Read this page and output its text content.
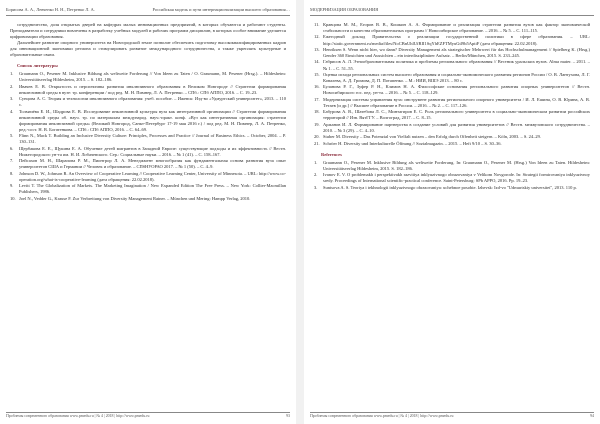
Борисова А. А., Левченко Н. Н., Петренко Л. А.	Российская модель и пути интернационализации высшего образования…

сотрудничество, доля открытых дверей на кафедрах малых инновационных предприятий, в которых обучаются и работают студенты. Преподаватели и сотрудники вовлечены в разработку учебных модулей и рабочих программ дисциплин, в которых особое внимание уделяется цифровизации образования.

Дальнейшее развитие опорного университета на Новгородской земле позволит обеспечить подготовку высококвалифицированных кадров для инновационной экономики региона и стимулировать развитие международного сотрудничества, а также укреплять культурные и образовательные связи.

Список литературы
1. Graumann O., Pesener M. Inklusive Bildung als weltweite Forderung // Von Ideen zu Taten / O. Graumann, M. Pesener (Hrsg.). – Hildesheim: Universitätsverlag Hildesheim, 2015. – S. 182–186.
2. Ивачев Е. В. Открытость и перспективы развития инклюзивного образования в Великом Новгороде // Стратегии формирования инклюзивной среды в вузе: тр. конференции / под ред. М. Н. Пимнер, Л. А. Петренко. – СПб.: СПб АППО, 2016. – С. 19–23.
3. Сунцова А. С. Теория и технологии инклюзивного образования: учеб. пособие. – Ижевск: Изд-во «Удмуртский университет», 2013. – 110 с.
4. Толмачёва Е. И., Шадрова Е. В. Исследование инклюзивной культуры вуза как интегративной организации // Стратегии формирования инклюзивной среды об. науч. тр. по материалам международ. науч.-практ. конф. «Вуз как интегративная организация: стратегии формирования инклюзивной среды» (Великий Новгород, Санкт-Петербург 17-19 мая 2016 г.) / под ред. М. Н. Пимнер, Л. А. Петренко, ред.-сост. Н. В. Богатенкова. – СПб.: СПб АППО, 2016. – С. 64–69.
5. Flinn N., Mack T. Building an Inclusive Diversity Culture: Principles, Processes and Practice // Journal of Business Ethics. – October, 2004. – P. 130–131.
6. Щербакова Е. Е., Щукина Е. А. Обучение детей мигрантов в Западной Европе: существующие подходы и их эффективность // Вестн. Нижегородского ун-та им. Н. И. Лобачевского. Сер.: Социальные науки. – 2016. – № 1 (41). – С. 158–167.
7. Пейсахов М. Н., Шарапова Р. М., Пионтрор Л. А. Менеджмент многообразия как фундаментальная основа развития вуза опыт университетов США и Германии // Человек и образование. – СПбНУОРАО 2017. – № 1 (50). – С. 4–9.
8. Johnson D. W., Johnson R. An Overview of Cooperative Learning // Cooperative Learning Center, University of Minnesota. – URL: http://www.co-operation.org/what-is-cooperative-learning (дата обращения: 22.02.2018).
9. Levitt T. The Globalization of Markets. The Marketing Imagination / New Expanded Edition The Free Press. – New York: Collier-Macmillan Publishers, 1986.
10. Joel N., Vedder G., Krause F. Zur Verbreitung von Diversity Management Rainer. – München und Mering: Hampp Verlag, 2010.
Проблемы современного образования www.pmedu.ru | № 4 | 2018 | http://www.pmedu.ru	93
МОДЕРНИЗАЦИЯ ОБРАЗОВАНИЯ
11. Кравцова М. М., Егоров В. В., Кошкин А. А. Формирование и реализация стратегии развития вузов как фактор экономической стабильности и качества образовательных программ // Новосибирское образование. – 2016. – № 5. – С. 111–115.
12. Ежегодный доклад Правительства о реализации государственной политики в сфере образования. – URL: http://static.government.ru/media/files/NoCBnUhlUfRII1SqYhEZFTMyuGtl9b5AptiF (дата обращения: 22.02.2018).
13. Henriksen S. Wenn nicht hier, wo dann? Diversity Management als strategischer Mehrwert für das Hochschulmanagement // Spielberg K. (Hrsg.) Gender 360 Einsichten und Aussichten – ein interdisziplinärer Aufsatz. – Berlin/München, 2015. S. 233–245.
14. Габрисов А. Л. Этнообразовательная политика и проблемы регионального образования // Вестник уральских вузов. Alma mater. – 2011. – № 1. – С. 51–55.
15. Оценка исхода региональных систем высшего образования и социально-экономического развития регионов России / О. В. Лантухова, Л. Г. Ковалева, А. Д. Громова, Д. П. Потапенко. – М.: НИИ, ВШЭ 2013. – 80 с.
16. Буланова Р. Г., Зуфер Р. Н., Климов Н. А. Философские основания регионального развития опорных университетов // Вестн. Новосибирского гос. пед. ун-та. – 2016. – № 5. – С. 118–129.
17. Модернизация системы управления вуза: инструмент развития регионального опорного университета / И. Л. Ешина, О. В. Юрина, А. В. Тетаев [и др.] // Высшее образование в России. – 2016. – № 2. – С. 117–126.
18. Бабурова А. В., Шатебова Л. С., Минтагиров Е. С. Роль регионального университета в социально-экономическом развитии российских территорий // Изв. ВятГГУ. – Волгоград, 2017. – С. 8–15.
19. Аржанов И. Л. Формирование партнерства в создание условий для развития университетов // Вестн. межвузовского сотрудничества. – 2010. – № 3 (29). – С. 4–10.
20. Stuber M. Diversity – Das Potenzial von Vielfalt nutzen – den Erfolg durch Offenheit steigern. – Köln, 2003. – S. 24–29.
21. Schröer H. Diversity und Interkulturelle Öffnung // Sozialmagazin. – 2015. – Heft 9/10 – S. 30–36.
References
1. Graumann O., Pesener M. Inklusive Bildung als weltweite Forderung. In: Graumann O., Pesener M. (Hrsg.) Von Ideen zu Taten. Hildesheim: Universitätsverlag Hildesheim, 2015. S. 182–186.
2. Ivanov E. V. O problemakh i perspektivakh razvitiya inklyuzivnogo obrazovaniya v Velikom Novgorode. In: Strategii formirovaniya inklyuzivnoy sredy. Proceedings of International scientific-practical conference. Saint-Petersburg: SPb APPO, 2016. Pp. 19–23.
3. Suntsova A. S. Teoriya i tekhnologii inklyuzivnogo obrazovaniya: uchebnoe posobie. Izhevsk: Izd-vo "Udmurtskiy universitet", 2013. 110 p.
Проблемы современного образования www.pmedu.ru | № 4 | 2018 | http://www.pmedu.ru	94
